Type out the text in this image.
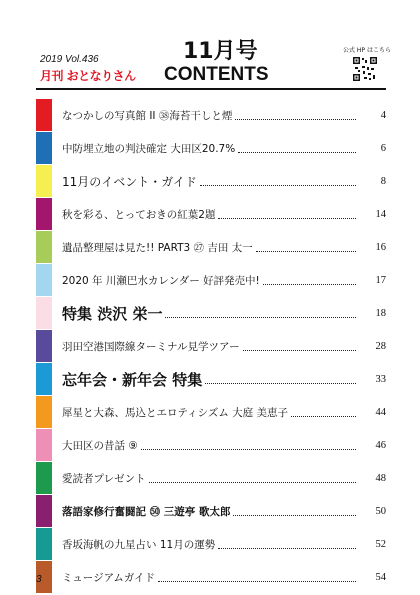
2019 Vol.436
月刊 おとなりさん
11月号
CONTENTS
公式 HP はこちら
なつかしの写真館 II ㊳海苔干しと煙	4
中防埋立地の判決確定 大田区20.7%	6
11月のイベント・ガイド	8
秋を彩る、とっておきの紅葉2題	14
遺品整理屋は見た!! PART3 ㉗ 吉田 太一	16
2020 年 川瀬巴水カレンダー 好評発売中!	17
特集 渋沢 栄一	18
羽田空港国際線ターミナル見学ツアー	28
忘年会・新年会 特集	33
犀星と大森、馬込とエロティシズム 大庭 美恵子	44
大田区の昔話 ⑨	46
愛読者プレゼント	48
落語家修行奮闘記 ㊿ 三遊亭 歌太郎	50
香坂海帆の九星占い 11月の運勢	52
ミュージアムガイド	54
3
